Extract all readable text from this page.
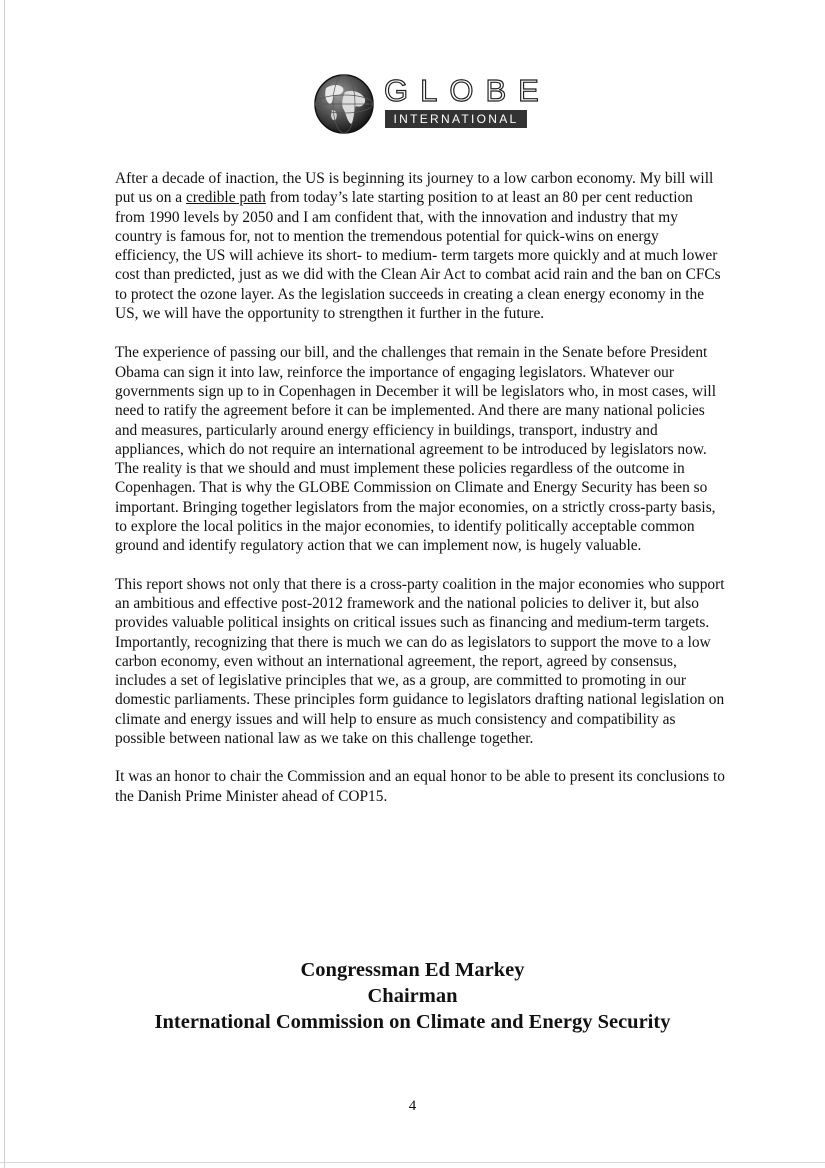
GLOBE
INTERNATIONAL

After a decade of inaction, the US is beginning its journey to a low carbon economy. My bill will put us on a credible path from today’s late starting position to at least an 80 per cent reduction from 1990 levels by 2050 and I am confident that, with the innovation and industry that my country is famous for, not to mention the tremendous potential for quick-wins on energy efficiency, the US will achieve its short- to medium- term targets more quickly and at much lower cost than predicted, just as we did with the Clean Air Act to combat acid rain and the ban on CFCs to protect the ozone layer. As the legislation succeeds in creating a clean energy economy in the US, we will have the opportunity to strengthen it further in the future.

The experience of passing our bill, and the challenges that remain in the Senate before President Obama can sign it into law, reinforce the importance of engaging legislators. Whatever our governments sign up to in Copenhagen in December it will be legislators who, in most cases, will need to ratify the agreement before it can be implemented. And there are many national policies and measures, particularly around energy efficiency in buildings, transport, industry and appliances, which do not require an international agreement to be introduced by legislators now. The reality is that we should and must implement these policies regardless of the outcome in Copenhagen. That is why the GLOBE Commission on Climate and Energy Security has been so important. Bringing together legislators from the major economies, on a strictly cross-party basis, to explore the local politics in the major economies, to identify politically acceptable common ground and identify regulatory action that we can implement now, is hugely valuable.

This report shows not only that there is a cross-party coalition in the major economies who support an ambitious and effective post-2012 framework and the national policies to deliver it, but also provides valuable political insights on critical issues such as financing and medium-term targets. Importantly, recognizing that there is much we can do as legislators to support the move to a low carbon economy, even without an international agreement, the report, agreed by consensus, includes a set of legislative principles that we, as a group, are committed to promoting in our domestic parliaments. These principles form guidance to legislators drafting national legislation on climate and energy issues and will help to ensure as much consistency and compatibility as possible between national law as we take on this challenge together.

It was an honor to chair the Commission and an equal honor to be able to present its conclusions to the Danish Prime Minister ahead of COP15.

Congressman Ed Markey
Chairman
International Commission on Climate and Energy Security
4
